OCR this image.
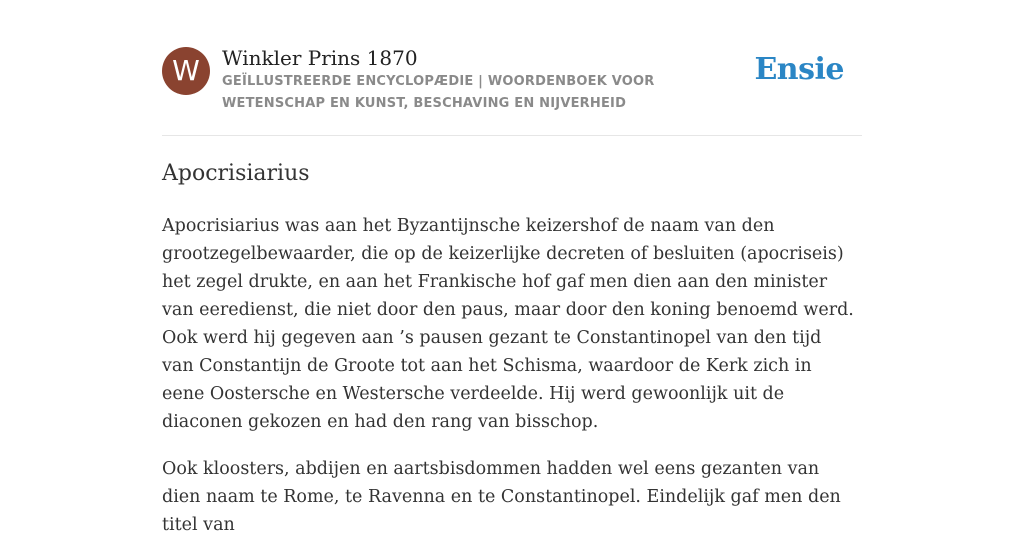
W	Winkler Prins 1870

GEÏLLUSTREERDE ENCYCLOPÆDIE | WOORDENBOEK VOOR WETENSCHAP EN KUNST, BESCHAVING EN NIJVERHEID

Ensie
Apocrisiarius

Apocrisiarius was aan het Byzantijnsche keizershof de naam van den grootzegelbewaarder, die op de keizerlijke decreten of besluiten (apocriseis) het zegel drukte, en aan het Frankische hof gaf men dien aan den minister van eeredienst, die niet door den paus, maar door den koning benoemd werd. Ook werd hij gegeven aan ’s pausen gezant te Constantinopel van den tijd van Constantijn de Groote tot aan het Schisma, waardoor de Kerk zich in eene Oostersche en Westersche verdeelde. Hij werd gewoonlijk uit de diaconen gekozen en had den rang van bisschop.

Ook kloosters, abdijen en aartsbisdommen hadden wel eens gezanten van dien naam te Rome, te Ravenna en te Constantinopel. Eindelijk gaf men den titel van
